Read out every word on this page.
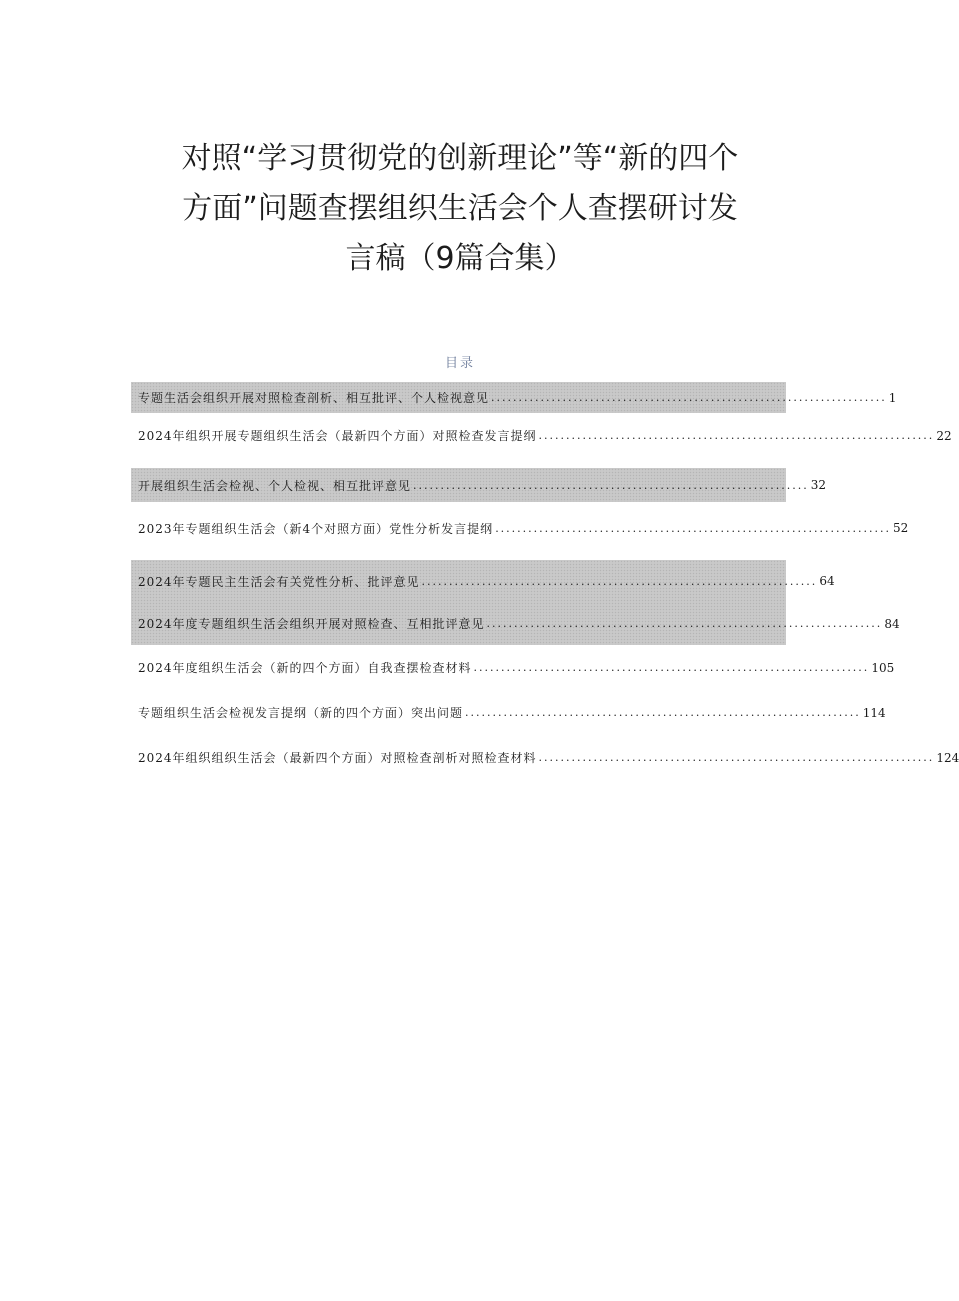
对照“学习贯彻党的创新理论”等“新的四个
方面”问题查摆组织生活会个人查摆研讨发
言稿（9篇合集）
目录
专题生活会组织开展对照检查剖析、相互批评、个人检视意见 ........................................................................ 1
2024年组织开展专题组织生活会（最新四个方面）对照检查发言提纲 ........................................................................ 22
开展组织生活会检视、个人检视、相互批评意见 ........................................................................ 32
2023年专题组织生活会（新4个对照方面）党性分析发言提纲 ........................................................................ 52
2024年专题民主生活会有关党性分析、批评意见 ........................................................................ 64
2024年度专题组织生活会组织开展对照检查、互相批评意见 ........................................................................ 84
2024年度组织生活会（新的四个方面）自我查摆检查材料 ........................................................................ 105
专题组织生活会检视发言提纲（新的四个方面）突出问题 ........................................................................ 114
2024年组织组织生活会（最新四个方面）对照检查剖析对照检查材料 ........................................................................ 124
